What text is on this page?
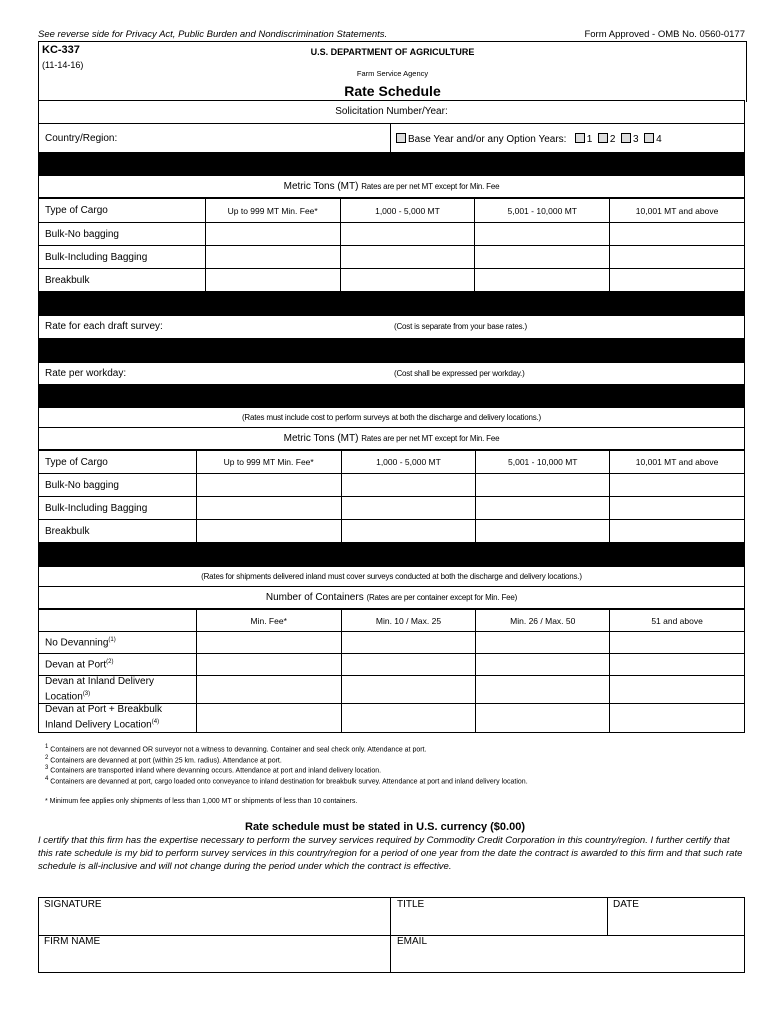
See reverse side for Privacy Act, Public Burden and Nondiscrimination Statements.	Form Approved - OMB No. 0560-0177
KC-337
(11-14-16)
U.S. DEPARTMENT OF AGRICULTURE
Farm Service Agency
Rate Schedule
Solicitation Number/Year:
Country/Region:	Base Year and/or any Option Years: 1 2 3 4
Metric Tons (MT) Rates are per net MT except for Min. Fee
Type of Cargo	Up to 999 MT Min. Fee*	1,000 - 5,000 MT	5,001 - 10,000 MT	10,001 MT and above
Bulk-No bagging				
Bulk-Including Bagging				
Breakbulk				
Rate for each draft survey:	(Cost is separate from your base rates.)
Rate per workday:	(Cost shall be expressed per workday.)
(Rates must include cost to perform surveys at both the discharge and delivery locations.)
Metric Tons (MT) Rates are per net MT except for Min. Fee
Type of Cargo	Up to 999 MT Min. Fee*	1,000 - 5,000 MT	5,001 - 10,000 MT	10,001 MT and above
Bulk-No bagging				
Bulk-Including Bagging				
Breakbulk				
(Rates for shipments delivered inland must cover surveys conducted at both the discharge and delivery locations.)
Number of Containers (Rates are per container except for Min. Fee)
	Min. Fee*	Min. 10 / Max. 25	Min. 26 / Max. 50	51 and above
No Devanning$^{(1)}$				
Devan at Port$^{(2)}$				
Devan at Inland Delivery
Location$^{(3)}$				
Devan at Port + Breakbulk
Inland Delivery Location$^{(4)}$				
$^1$ Containers are not devanned OR surveyor not a witness to devanning. Container and seal check only. Attendance at port.
$^2$ Containers are devanned at port (within 25 km. radius). Attendance at port.
$^3$ Containers are transported inland where devanning occurs. Attendance at port and inland delivery location.
$^4$ Containers are devanned at port, cargo loaded onto conveyance to inland destination for breakbulk survey. Attendance at port and inland delivery location.
* Minimum fee applies only shipments of less than 1,000 MT or shipments of less than 10 containers.
Rate schedule must be stated in U.S. currency ($0.00)
I certify that this firm has the expertise necessary to perform the survey services required by Commodity Credit Corporation in this country/region. I further certify that this rate schedule is my bid to perform survey services in this country/region for a period of one year from the date the contract is awarded to this firm and that such rate schedule is all-inclusive and will not change during the period under which the contract is effective.
SIGNATURE	TITLE	DATE
FIRM NAME	EMAIL
